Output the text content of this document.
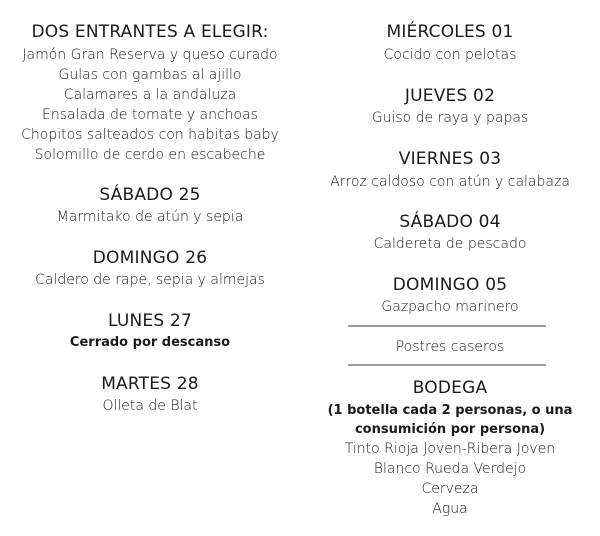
DOS ENTRANTES A ELEGIR:
Jamón Gran Reserva y queso curado
Gulas con gambas al ajillo
Calamares a la andaluza
Ensalada de tomate y anchoas
Chopitos salteados con habitas baby
Solomillo de cerdo en escabeche
SÁBADO 25
Marmitako de atún y sepia
DOMINGO 26
Caldero de rape, sepia y almejas
LUNES 27
Cerrado por descanso
MARTES 28
Olleta de Blat
MIÉRCOLES 01
Cocido con pelotas
JUEVES 02
Guiso de raya y papas
VIERNES 03
Arroz caldoso con atún y calabaza
SÁBADO 04
Caldereta de pescado
DOMINGO 05
Gazpacho marinero
Postres caseros
BODEGA
(1 botella cada 2 personas, o una
consumición por persona)
Tinto Rioja Joven-Ribera Joven
Blanco Rueda Verdejo
Cerveza
Agua
